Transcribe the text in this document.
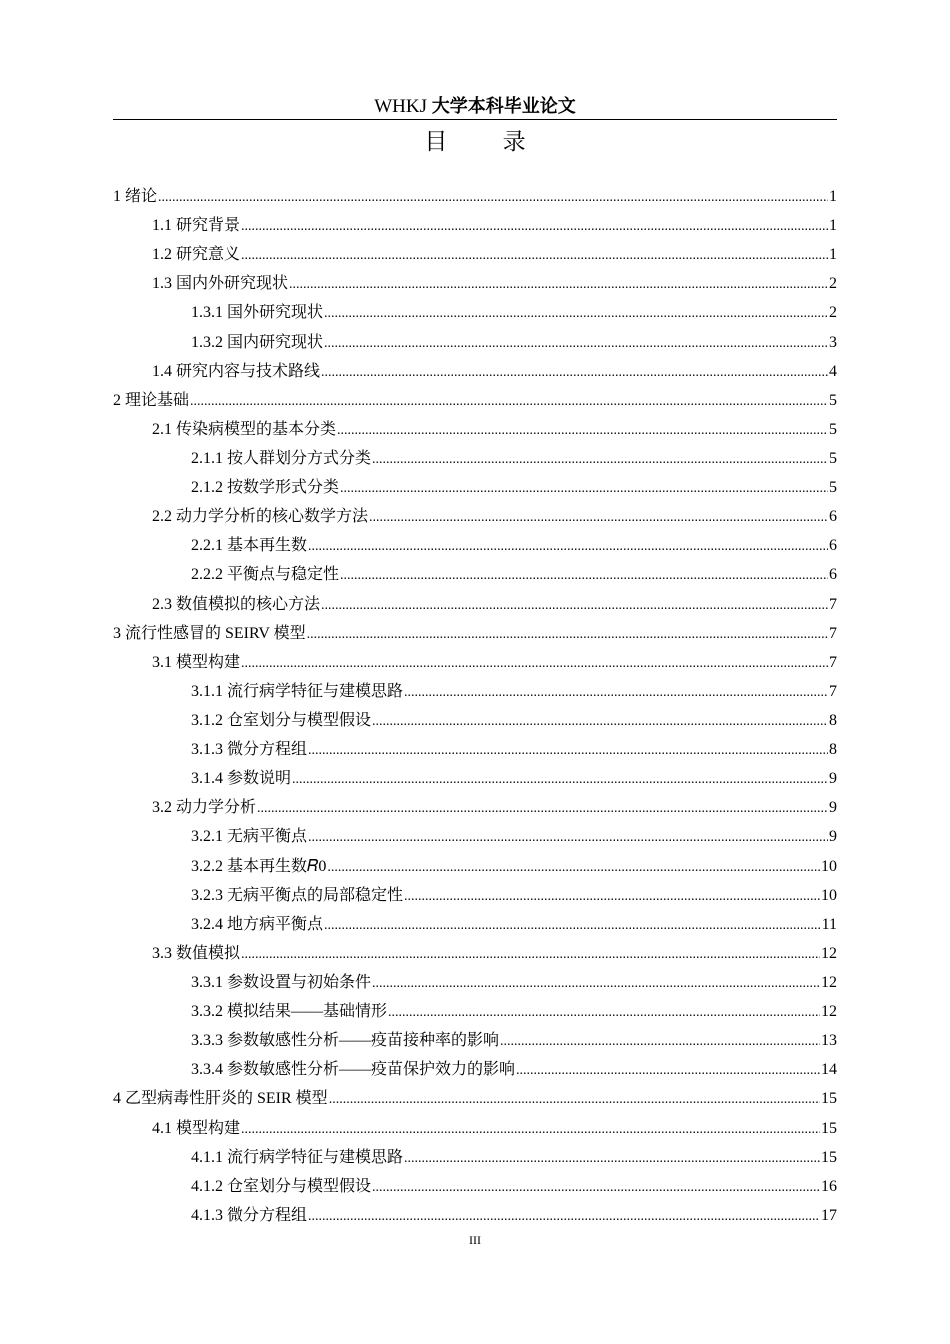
WHKJ 大学本科毕业论文
目 录
1 绪论 .....	1
1.1 研究背景 .....	1
1.2 研究意义 .....	1
1.3 国内外研究现状 .....	2
1.3.1 国外研究现状 .....	2
1.3.2 国内研究现状 .....	3
1.4 研究内容与技术路线 .....	4
2 理论基础 .....	5
2.1 传染病模型的基本分类 .....	5
2.1.1 按人群划分方式分类 .....	5
2.1.2 按数学形式分类 .....	5
2.2 动力学分析的核心数学方法 .....	6
2.2.1 基本再生数 .....	6
2.2.2 平衡点与稳定性 .....	6
2.3 数值模拟的核心方法 .....	7
3 流行性感冒的 SEIRV 模型 .....	7
3.1 模型构建 .....	7
3.1.1 流行病学特征与建模思路 .....	7
3.1.2 仓室划分与模型假设 .....	8
3.1.3 微分方程组 .....	8
3.1.4 参数说明 .....	9
3.2 动力学分析 .....	9
3.2.1 无病平衡点 .....	9
3.2.2 基本再生数𝑅0 .....	10
3.2.3 无病平衡点的局部稳定性 .....	10
3.2.4 地方病平衡点 .....	11
3.3 数值模拟 .....	12
3.3.1 参数设置与初始条件 .....	12
3.3.2 模拟结果——基础情形 .....	12
3.3.3 参数敏感性分析——疫苗接种率的影响 .....	13
3.3.4 参数敏感性分析——疫苗保护效力的影响 .....	14
4 乙型病毒性肝炎的 SEIR 模型 .....	15
4.1 模型构建 .....	15
4.1.1 流行病学特征与建模思路 .....	15
4.1.2 仓室划分与模型假设 .....	16
4.1.3 微分方程组 .....	17
III
